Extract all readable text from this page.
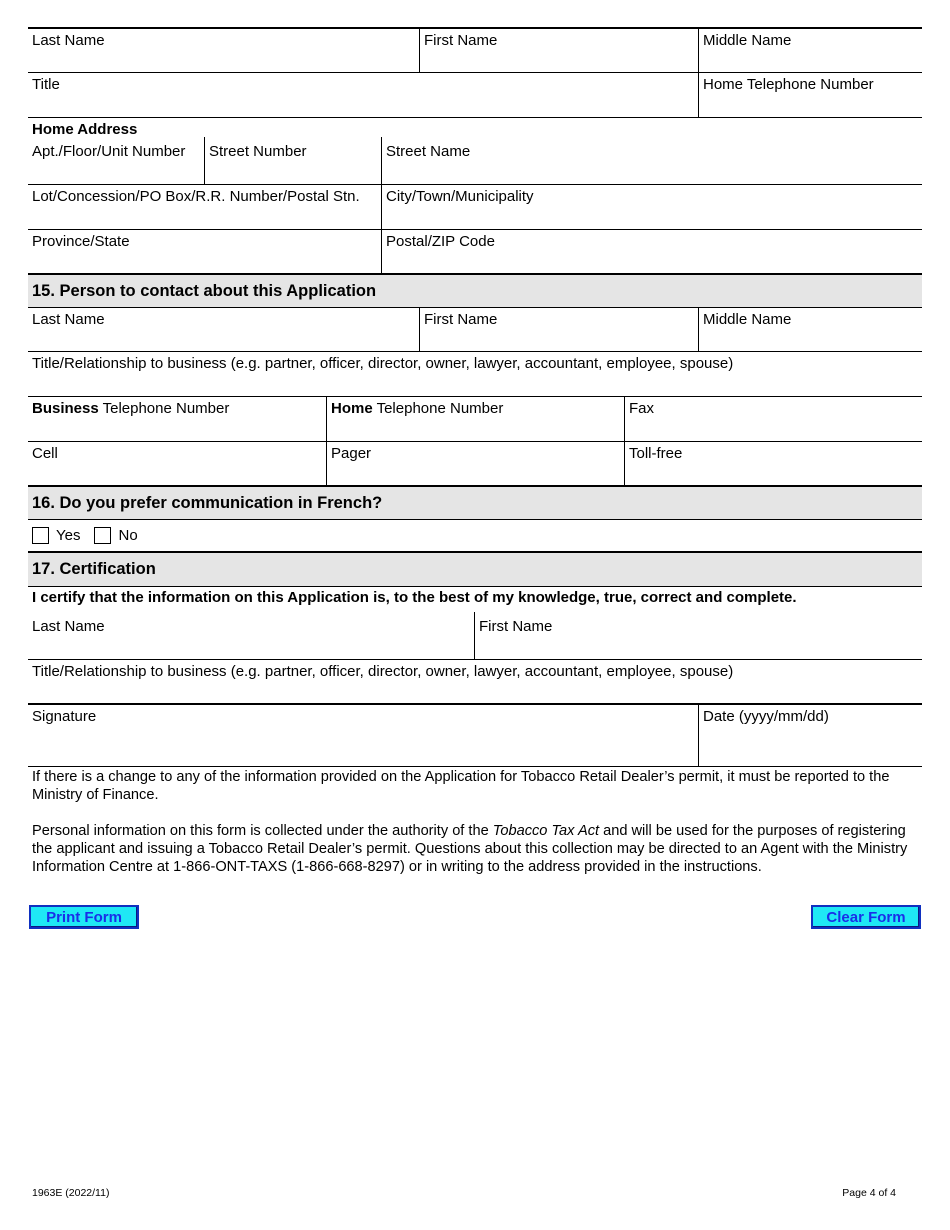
Last Name	First Name	Middle Name
Title	Home Telephone Number
Home Address
Apt./Floor/Unit Number	Street Number	Street Name
Lot/Concession/PO Box/R.R. Number/Postal Stn.	City/Town/Municipality
Province/State	Postal/ZIP Code
15. Person to contact about this Application
Last Name	First Name	Middle Name
Title/Relationship to business (e.g. partner, officer, director, owner, lawyer, accountant, employee, spouse)
Business Telephone Number	Home Telephone Number	Fax
Cell	Pager	Toll-free
16. Do you prefer communication in French?
Yes	No
17. Certification
I certify that the information on this Application is, to the best of my knowledge, true, correct and complete.
Last Name	First Name
Title/Relationship to business (e.g. partner, officer, director, owner, lawyer, accountant, employee, spouse)
Signature	Date (yyyy/mm/dd)
If there is a change to any of the information provided on the Application for Tobacco Retail Dealer’s permit, it must be reported to the Ministry of Finance.
Personal information on this form is collected under the authority of the Tobacco Tax Act and will be used for the purposes of registering the applicant and issuing a Tobacco Retail Dealer’s permit. Questions about this collection may be directed to an Agent with the Ministry Information Centre at 1-866-ONT-TAXS (1-866-668-8297) or in writing to the address provided in the instructions.
Print Form	Clear Form
1963E (2022/11)	Page 4 of 4
